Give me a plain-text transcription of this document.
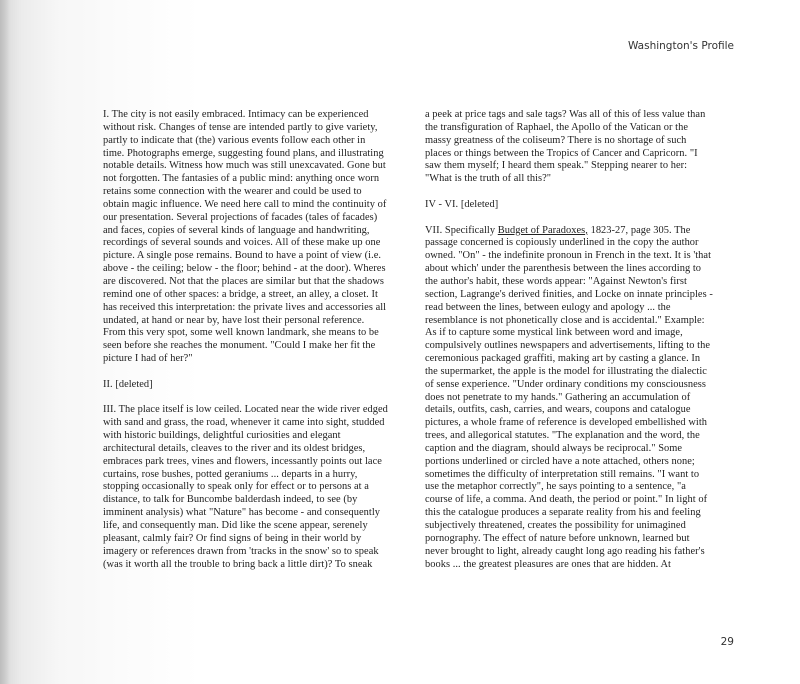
Washington's Profile

I. The city is not easily embraced. Intimacy can be experienced without risk. Changes of tense are intended partly to give variety, partly to indicate that (the) various events follow each other in time. Photographs emerge, suggesting found plans, and illustrating notable details. Witness how much was still unexcavated. Gone but not forgotten. The fantasies of a public mind: anything once worn retains some connection with the wearer and could be used to obtain magic influence. We need here call to mind the continuity of our presentation. Several projections of facades (tales of facades) and faces, copies of several kinds of language and handwriting, recordings of several sounds and voices. All of these make up one picture. A single pose remains. Bound to have a point of view (i.e. above - the ceiling; below - the floor; behind - at the door). Wheres are discovered. Not that the places are similar but that the shadows remind one of other spaces: a bridge, a street, an alley, a closet. It has received this interpretation: the private lives and accessories all undated, at hand or near by, have lost their personal reference. From this very spot, some well known landmark, she means to be seen before she reaches the monument. "Could I make her fit the picture I had of her?"

II. [deleted]

III. The place itself is low ceiled. Located near the wide river edged with sand and grass, the road, whenever it came into sight, studded with historic buildings, delightful curiosities and elegant architectural details, cleaves to the river and its oldest bridges, embraces park trees, vines and flowers, incessantly points out lace curtains, rose bushes, potted geraniums ... departs in a hurry, stopping occasionally to speak only for effect or to persons at a distance, to talk for Buncombe balderdash indeed, to see (by imminent analysis) what "Nature" has become - and consequently life, and consequently man. Did like the scene appear, serenely pleasant, calmly fair? Or find signs of being in their world by imagery or references drawn from 'tracks in the snow' so to speak (was it worth all the trouble to bring back a little dirt)? To sneak

a peek at price tags and sale tags? Was all of this of less value than the transfiguration of Raphael, the Apollo of the Vatican or the massy greatness of the coliseum? There is no shortage of such places or things between the Tropics of Cancer and Capricorn. "I saw them myself; I heard them speak." Stepping nearer to her: "What is the truth of all this?"

IV - VI. [deleted]

VII. Specifically Budget of Paradoxes, 1823-27, page 305. The passage concerned is copiously underlined in the copy the author owned. "On" - the indefinite pronoun in French in the text. It is 'that about which' under the parenthesis between the lines according to the author's habit, these words appear: "Against Newton's first section, Lagrange's derived finities, and Locke on innate principles - read between the lines, between eulogy and apology ... the resemblance is not phonetically close and is accidental." Example: As if to capture some mystical link between word and image, compulsively outlines newspapers and advertisements, lifting to the ceremonious packaged graffiti, making art by casting a glance. In the supermarket, the apple is the model for illustrating the dialectic of sense experience. "Under ordinary conditions my consciousness does not penetrate to my hands." Gathering an accumulation of details, outfits, cash, carries, and wears, coupons and catalogue pictures, a whole frame of reference is developed embellished with trees, and allegorical statutes. "The explanation and the word, the caption and the diagram, should always be reciprocal." Some portions underlined or circled have a note attached, others none; sometimes the difficulty of interpretation still remains. "I want to use the metaphor correctly", he says pointing to a sentence, "a course of life, a comma. And death, the period or point." In light of this the catalogue produces a separate reality from his and feeling subjectively threatened, creates the possibility for unimagined pornography. The effect of nature before unknown, learned but never brought to light, already caught long ago reading his father's books ... the greatest pleasures are ones that are hidden. At

29
